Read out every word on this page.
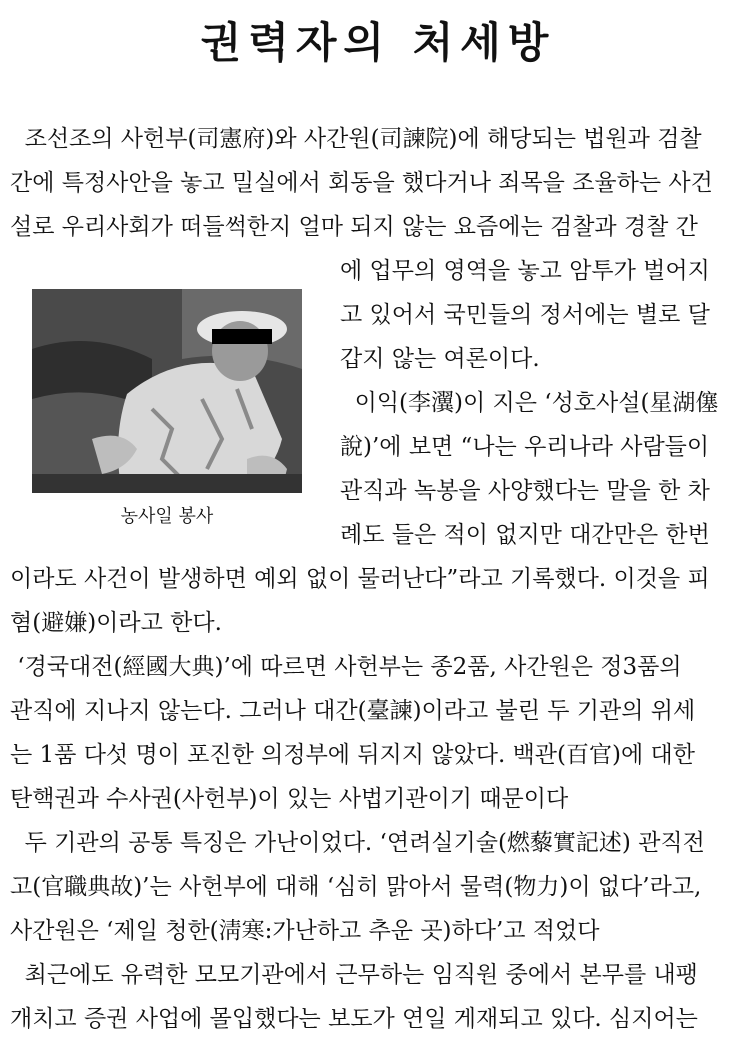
권력자의 처세방
조선조의 사헌부(司憲府)와 사간원(司諫院)에 해당되는 법원과 검찰
간에 특정사안을 놓고 밀실에서 회동을 했다거나 죄목을 조율하는 사건
설로 우리사회가 떠들썩한지 얼마 되지 않는 요즘에는 검찰과 경찰 간
에 업무의 영역을 놓고 암투가 벌어지
고 있어서 국민들의 정서에는 별로 달
갑지 않는 여론이다.
이익(李瀷)이 지은 ‘성호사설(星湖僿
說)’에 보면 “나는 우리나라 사람들이
관직과 녹봉을 사양했다는 말을 한 차
례도 들은 적이 없지만 대간만은 한번
이라도 사건이 발생하면 예외 없이 물러난다”라고 기록했다. 이것을 피
혐(避嫌)이라고 한다.
‘경국대전(經國大典)’에 따르면 사헌부는 종2품, 사간원은 정3품의
관직에 지나지 않는다. 그러나 대간(臺諫)이라고 불린 두 기관의 위세
는 1품 다섯 명이 포진한 의정부에 뒤지지 않았다. 백관(百官)에 대한
탄핵권과 수사권(사헌부)이 있는 사법기관이기 때문이다
두 기관의 공통 특징은 가난이었다. ‘연려실기술(燃藜實記述) 관직전
고(官職典故)’는 사헌부에 대해 ‘심히 맑아서 물력(物力)이 없다’라고,
사간원은 ‘제일 청한(淸寒:가난하고 추운 곳)하다’고 적었다
최근에도 유력한 모모기관에서 근무하는 임직원 중에서 본무를 내팽
개치고 증권 사업에 몰입했다는 보도가 연일 게재되고 있다. 심지어는
농사일 봉사
